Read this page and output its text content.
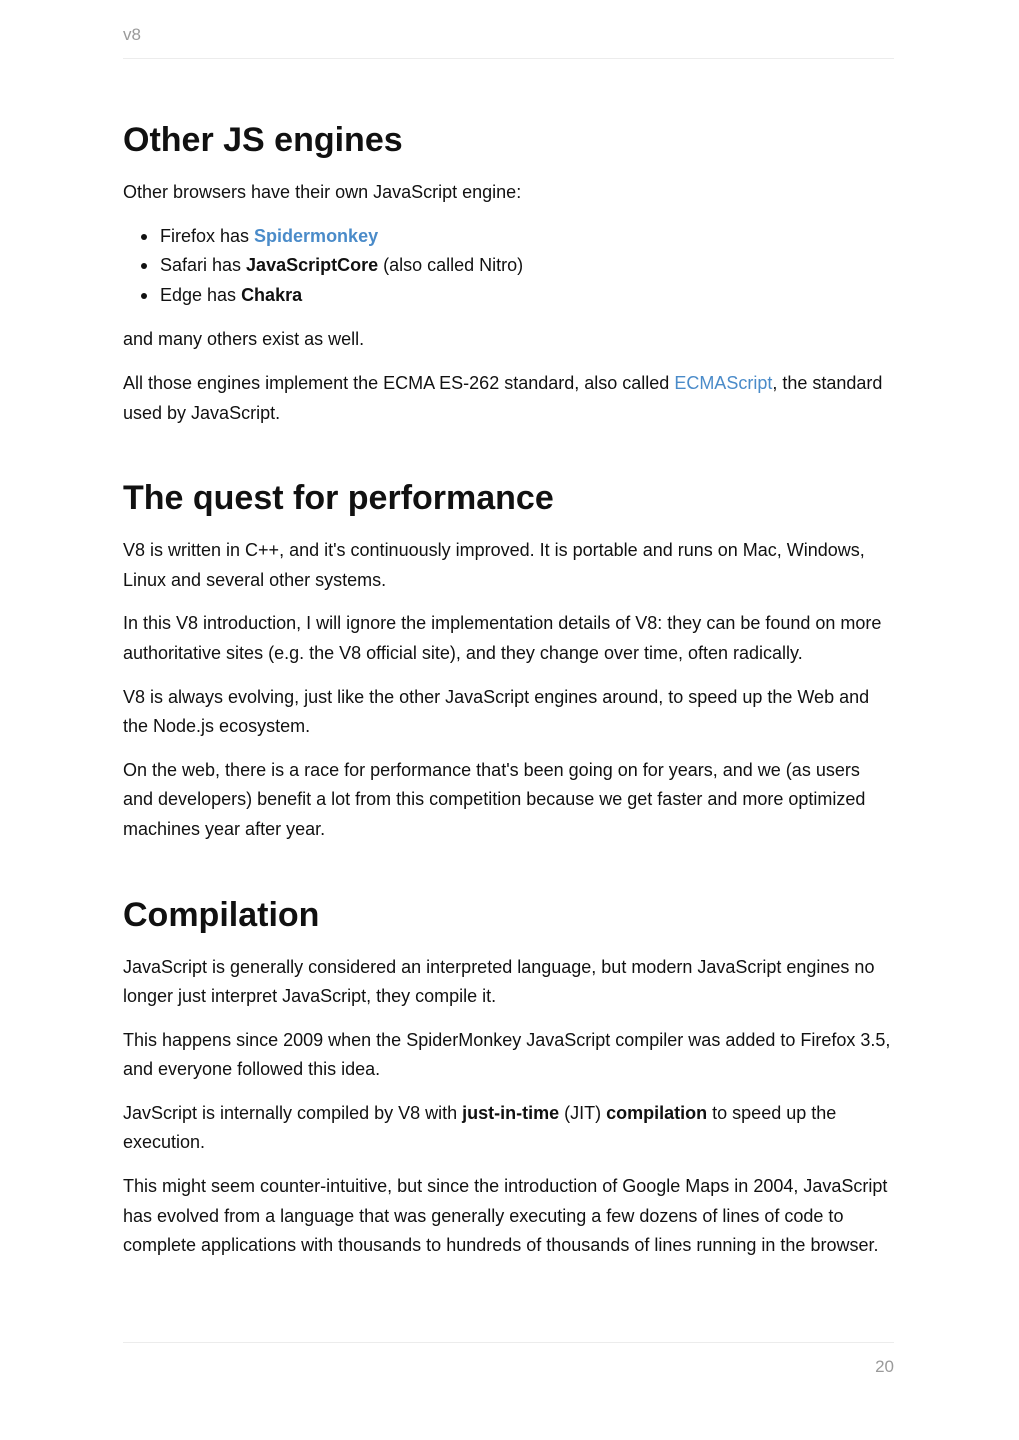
v8
Other JS engines

Other browsers have their own JavaScript engine:

Firefox has Spidermonkey
Safari has JavaScriptCore (also called Nitro)
Edge has Chakra

and many others exist as well.

All those engines implement the ECMA ES-262 standard, also called ECMAScript, the standard used by JavaScript.

The quest for performance

V8 is written in C++, and it's continuously improved. It is portable and runs on Mac, Windows, Linux and several other systems.

In this V8 introduction, I will ignore the implementation details of V8: they can be found on more authoritative sites (e.g. the V8 official site), and they change over time, often radically.

V8 is always evolving, just like the other JavaScript engines around, to speed up the Web and the Node.js ecosystem.

On the web, there is a race for performance that's been going on for years, and we (as users and developers) benefit a lot from this competition because we get faster and more optimized machines year after year.

Compilation

JavaScript is generally considered an interpreted language, but modern JavaScript engines no longer just interpret JavaScript, they compile it.

This happens since 2009 when the SpiderMonkey JavaScript compiler was added to Firefox 3.5, and everyone followed this idea.

JavScript is internally compiled by V8 with just-in-time (JIT) compilation to speed up the execution.

This might seem counter-intuitive, but since the introduction of Google Maps in 2004, JavaScript has evolved from a language that was generally executing a few dozens of lines of code to complete applications with thousands to hundreds of thousands of lines running in the browser.

20
